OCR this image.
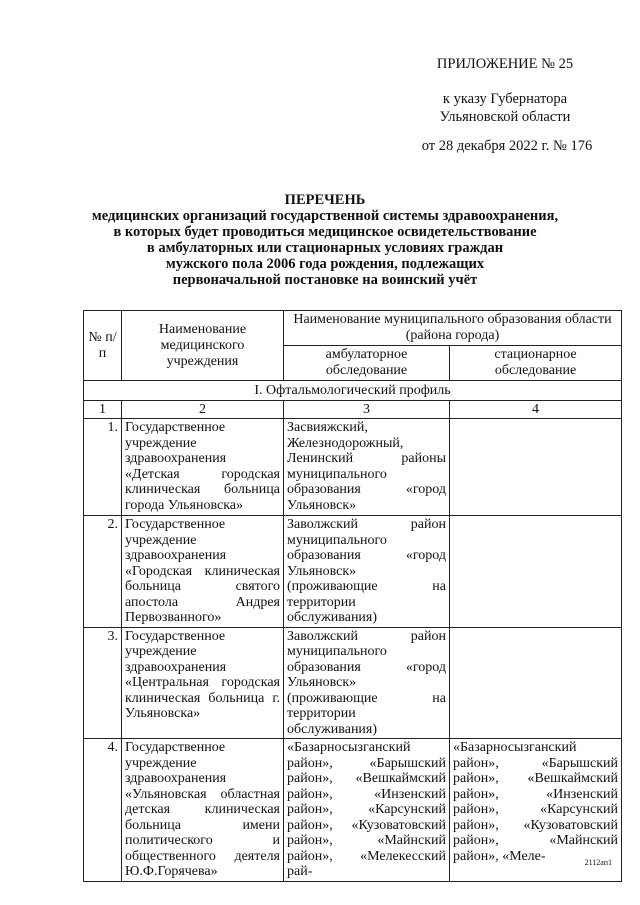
ПРИЛОЖЕНИЕ № 25
к указу Губернатора
Ульяновской области
от 28 декабря 2022 г. № 176
ПЕРЕЧЕНЬ
медицинских организаций государственной системы здравоохранения,
в которых будет проводиться медицинское освидетельствование
в амбулаторных или стационарных условиях граждан
мужского пола 2006 года рождения, подлежащих
первоначальной постановке на воинский учёт
№ п/п	Наименование медицинского учреждения	Наименование муниципального образования области (района города)	
		амбулаторное обследование	стационарное обследование
I. Офтальмологический профиль			
1	2	3	4
1.	Государственное учреждение здравоохранения «Детская городская клиническая больница города Ульяновска»	Засвияжский, Железнодорожный, Ленинский районы муниципального образования «город Ульяновск»	
2.	Государственное учреждение здравоохранения «Городская клиническая больница святого апостола Андрея Первозванного»	Заволжский район муниципального образования «город Ульяновск» (проживающие на территории обслуживания)	
3.	Государственное учреждение здравоохранения «Центральная городская клиническая больница г. Ульяновска»	Заволжский район муниципального образования «город Ульяновск» (проживающие на территории обслуживания)	
4.	Государственное учреждение здравоохранения «Ульяновская областная детская клиническая больница имени политического и общественного деятеля Ю.Ф.Горячева»	«Базарносызганский район», «Барышский район», «Вешкаймский район», «Инзенский район», «Карсунский район», «Кузоватовский район», «Майнский район», «Мелекесский рай-	«Базарносызганский район», «Барышский район», «Вешкаймский район», «Инзенский район», «Карсунский район», «Кузоватовский район», «Майнский район», «Меле-	2112ап1
